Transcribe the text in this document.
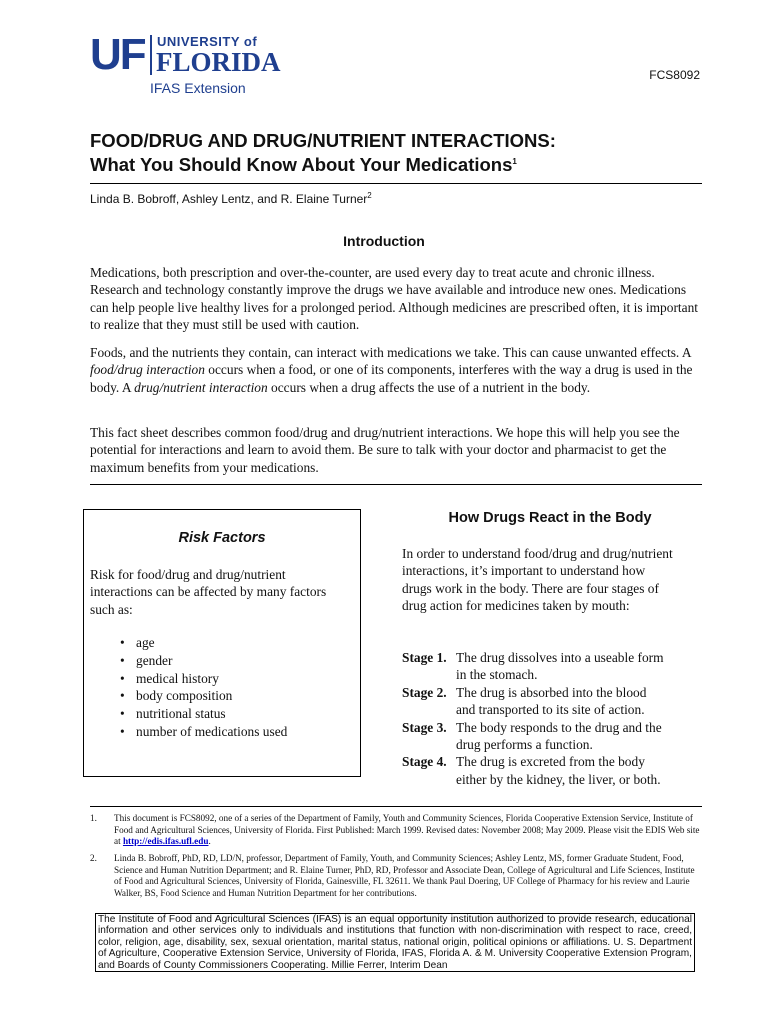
UF UNIVERSITY of
FLORIDA
IFAS Extension
FCS8092
FOOD/DRUG AND DRUG/NUTRIENT INTERACTIONS:
What You Should Know About Your Medications$^1$
Linda B. Bobroff, Ashley Lentz, and R. Elaine Turner$^2$
Introduction
Medications, both prescription and over-the-counter, are used every day to treat acute and chronic illness. Research and technology constantly improve the drugs we have available and introduce new ones. Medications can help people live healthy lives for a prolonged period. Although medicines are prescribed often, it is important to realize that they must still be used with caution.
Foods, and the nutrients they contain, can interact with medications we take. This can cause unwanted effects. A food/drug interaction occurs when a food, or one of its components, interferes with the way a drug is used in the body. A drug/nutrient interaction occurs when a drug affects the use of a nutrient in the body.
This fact sheet describes common food/drug and drug/nutrient interactions. We hope this will help you see the potential for interactions and learn to avoid them. Be sure to talk with your doctor and pharmacist to get the maximum benefits from your medications.
Risk Factors
Risk for food/drug and drug/nutrient interactions can be affected by many factors such as:
• age
• gender
• medical history
• body composition
• nutritional status
• number of medications used
How Drugs React in the Body
In order to understand food/drug and drug/nutrient interactions, it’s important to understand how drugs work in the body. There are four stages of drug action for medicines taken by mouth:
Stage 1. The drug dissolves into a useable form in the stomach.
Stage 2. The drug is absorbed into the blood and transported to its site of action.
Stage 3. The body responds to the drug and the drug performs a function.
Stage 4. The drug is excreted from the body either by the kidney, the liver, or both.
1. This document is FCS8092, one of a series of the Department of Family, Youth and Community Sciences, Florida Cooperative Extension Service, Institute of Food and Agricultural Sciences, University of Florida. First Published: March 1999. Revised dates: November 2008; May 2009. Please visit the EDIS Web site at http://edis.ifas.ufl.edu.
2. Linda B. Bobroff, PhD, RD, LD/N, professor, Department of Family, Youth, and Community Sciences; Ashley Lentz, MS, former Graduate Student, Food, Science and Human Nutrition Department; and R. Elaine Turner, PhD, RD, Professor and Associate Dean, College of Agricultural and Life Sciences, Institute of Food and Agricultural Sciences, University of Florida, Gainesville, FL 32611. We thank Paul Doering, UF College of Pharmacy for his review and Laurie Walker, BS, Food Science and Human Nutrition Department for her contributions.
The Institute of Food and Agricultural Sciences (IFAS) is an equal opportunity institution authorized to provide research, educational information and other services only to individuals and institutions that function with non-discrimination with respect to race, creed, color, religion, age, disability, sex, sexual orientation, marital status, national origin, political opinions or affiliations. U. S. Department of Agriculture, Cooperative Extension Service, University of Florida, IFAS, Florida A. & M. University Cooperative Extension Program, and Boards of County Commissioners Cooperating. Millie Ferrer, Interim Dean
